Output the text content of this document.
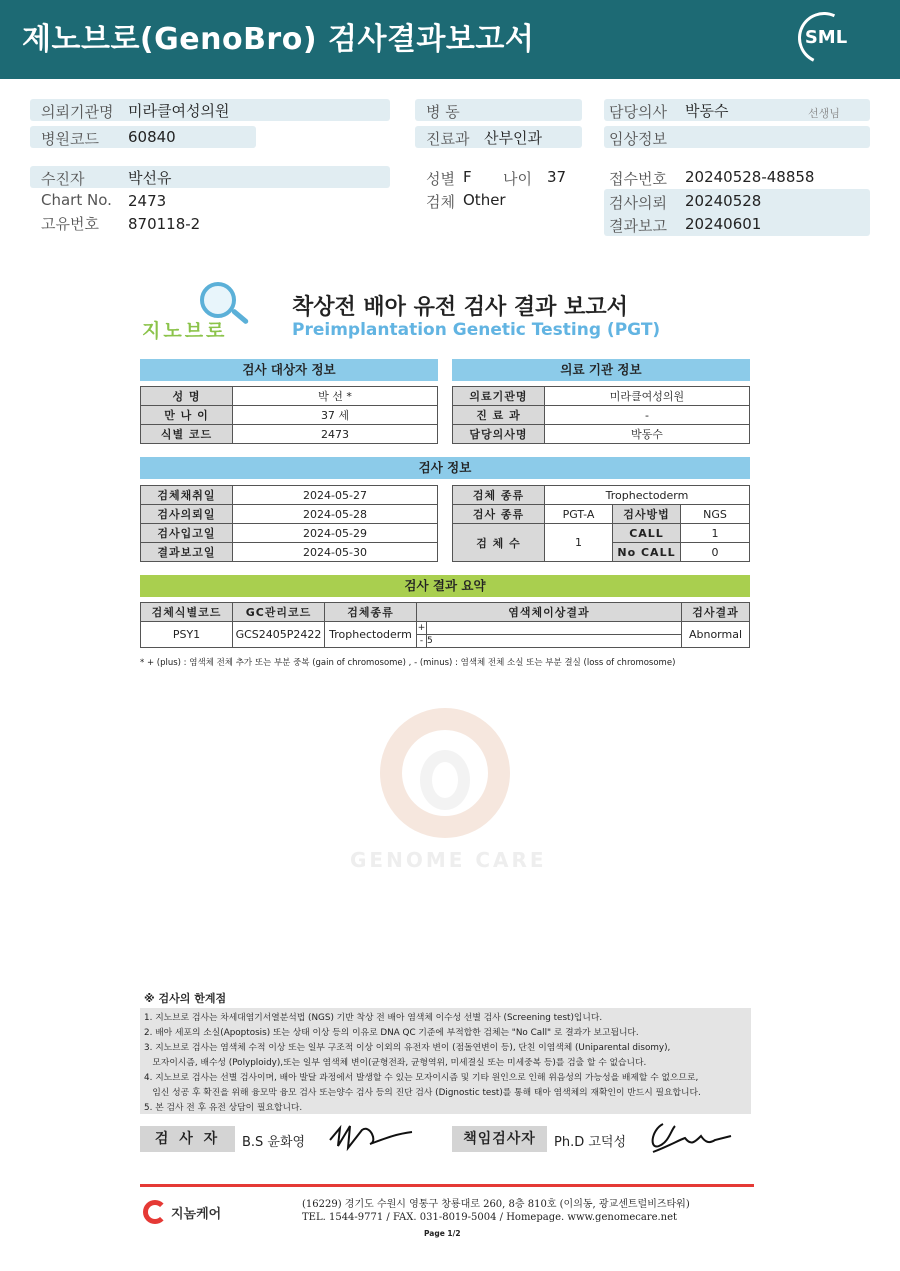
제노브로(GenoBro) 검사결과보고서	SML
의뢰기관명 미라클여성의원
병원코드 60840
수진자	박선유
Chart No. 2473
고유번호 870118-2
병 동
진료과 산부인과
성별 F 나이 37
검체 Other
담당의사 박동수	선생님
임상정보
접수번호 20240528-48858
검사의뢰 20240528
결과보고 20240601
지노브로
착상전 배아 유전 검사 결과 보고서
Preimplantation Genetic Testing (PGT)
검사 대상자 정보
성 명	박 선 *
만 나 이	37 세
식별 코드	2473
의료 기관 정보
의료기관명	미라클여성의원
진 료 과	-
담당의사명	박동수
검사 정보
검체채취일	2024-05-27
검사의뢰일	2024-05-28
검사입고일	2024-05-29
결과보고일	2024-05-30
검체 종류	Trophectoderm		
검사 종류	PGT-A	검사방법	NGS
검 체 수	1	CALL	1
		No CALL	0
검사 결과 요약
검체식별코드	GC관리코드	검체종류	염색체이상결과		검사결과
PSY1	GCS2405P2422	Trophectoderm	+		Abnormal
			-	5	
* + (plus) : 염색체 전체 추가 또는 부분 중복 (gain of chromosome) , - (minus) : 염색체 전체 소실 또는 부분 결실 (loss of chromosome)
GENOME CARE
※ 검사의 한계점
1. 지노브로 검사는 차세대염기서열분석법 (NGS) 기반 착상 전 배아 염색체 이수성 선별 검사 (Screening test)입니다.
2. 배아 세포의 소실(Apoptosis) 또는 상태 이상 등의 이유로 DNA QC 기준에 부적합한 검체는 "No Call" 로 결과가 보고됩니다.
3. 지노브로 검사는 염색체 수적 이상 또는 일부 구조적 이상 이외의 유전자 변이 (점돌연변이 등), 단친 이염색체 (Uniparental disomy),
모자이시즘, 배수성 (Polyploidy),또는 일부 염색체 변이(균형전좌, 균형역위, 미세결실 또는 미세중복 등)를 검출 할 수 없습니다.
4. 지노브로 검사는 선별 검사이며, 배아 발달 과정에서 발생할 수 있는 모자이시즘 및 기타 원인으로 인해 위음성의 가능성을 배제할 수 없으므로,
임신 성공 후 확진을 위해 융모막 융모 검사 또는양수 검사 등의 진단 검사 (Dignostic test)를 통해 태아 염색체의 재확인이 반드시 필요합니다.
5. 본 검사 전 후 유전 상담이 필요합니다.
검 사 자	B.S 윤화영	책임검사자	Ph.D 고덕성
지놈케어
(16229) 경기도 수원시 영통구 창룡대로 260, 8층 810호 (이의동, 광교센트럴비즈타워)
TEL. 1544-9771 / FAX. 031-8019-5004 / Homepage. www.genomecare.net
Page 1/2
